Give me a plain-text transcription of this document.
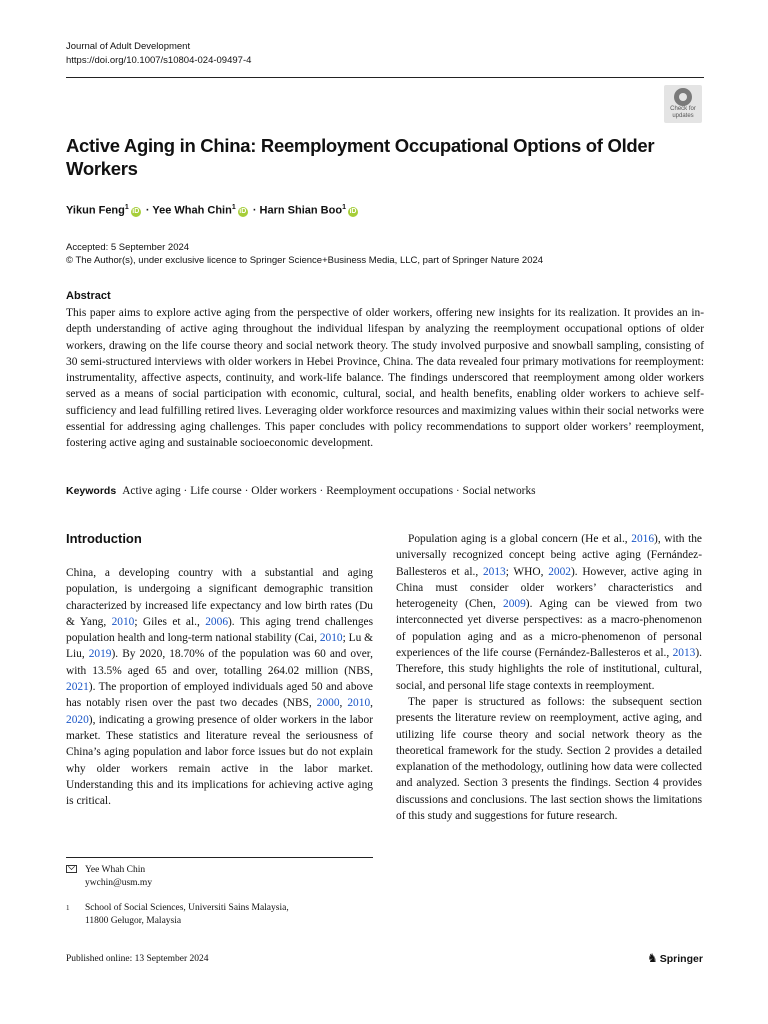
Journal of Adult Development
https://doi.org/10.1007/s10804-024-09497-4
Check for
updates
Active Aging in China: Reemployment Occupational Options of Older Workers
Yikun Feng$^1$iD · Yee Whah Chin$^1$iD · Harn Shian Boo$^1$iD
Accepted: 5 September 2024
© The Author(s), under exclusive licence to Springer Science+Business Media, LLC, part of Springer Nature 2024
Abstract
This paper aims to explore active aging from the perspective of older workers, offering new insights for its realization. It provides an in-depth understanding of active aging throughout the individual lifespan by analyzing the reemployment occupational options of older workers, drawing on the life course theory and social network theory. The study involved purposive and snowball sampling, consisting of 30 semi-structured interviews with older workers in Hebei Province, China. The data revealed four primary motivations for reemployment: instrumentality, affective aspects, continuity, and work-life balance. The findings underscored that reemployment among older workers served as a means of social participation with economic, cultural, social, and health benefits, enabling older workers to achieve self-sufficiency and lead fulfilling retired lives. Leveraging older workforce resources and maximizing values within their social networks were essential for addressing aging challenges. This paper concludes with policy recommendations to support older workers’ reemployment, fostering active aging and sustainable socioeconomic development.
Keywords Active aging · Life course · Older workers · Reemployment occupations · Social networks
Introduction

China, a developing country with a substantial and aging population, is undergoing a significant demographic transition characterized by increased life expectancy and low birth rates (Du & Yang, 2010; Giles et al., 2006). This aging trend challenges population health and long-term national stability (Cai, 2010; Lu & Liu, 2019). By 2020, 18.70% of the population was 60 and over, with 13.5% aged 65 and over, totalling 264.02 million (NBS, 2021). The proportion of employed individuals aged 50 and above has notably risen over the past two decades (NBS, 2000, 2010, 2020), indicating a growing presence of older workers in the labor market. These statistics and literature reveal the seriousness of China’s aging population and labor force issues but do not explain why older workers remain active in the labor market. Understanding this and its implications for achieving active aging is critical.

Population aging is a global concern (He et al., 2016), with the universally recognized concept being active aging (Fernández-Ballesteros et al., 2013; WHO, 2002). However, active aging in China must consider older workers’ characteristics and heterogeneity (Chen, 2009). Aging can be viewed from two interconnected yet diverse perspectives: as a macro-phenomenon of population aging and as a micro-phenomenon of personal experiences of the life course (Fernández-Ballesteros et al., 2013). Therefore, this study highlights the role of institutional, cultural, social, and personal life stage contexts in reemployment.

The paper is structured as follows: the subsequent section presents the literature review on reemployment, active aging, and utilizing life course theory and social network theory as the theoretical framework for the study. Section 2 provides a detailed explanation of the methodology, outlining how data were collected and analyzed. Section 3 presents the findings. Section 4 provides discussions and conclusions. The last section shows the limitations of this study and suggestions for future research.

Yee Whah Chin
ywchin@usm.my
1	School of Social Sciences, Universiti Sains Malaysia,
11800 Gelugor, Malaysia
Published online: 13 September 2024	♞ Springer
